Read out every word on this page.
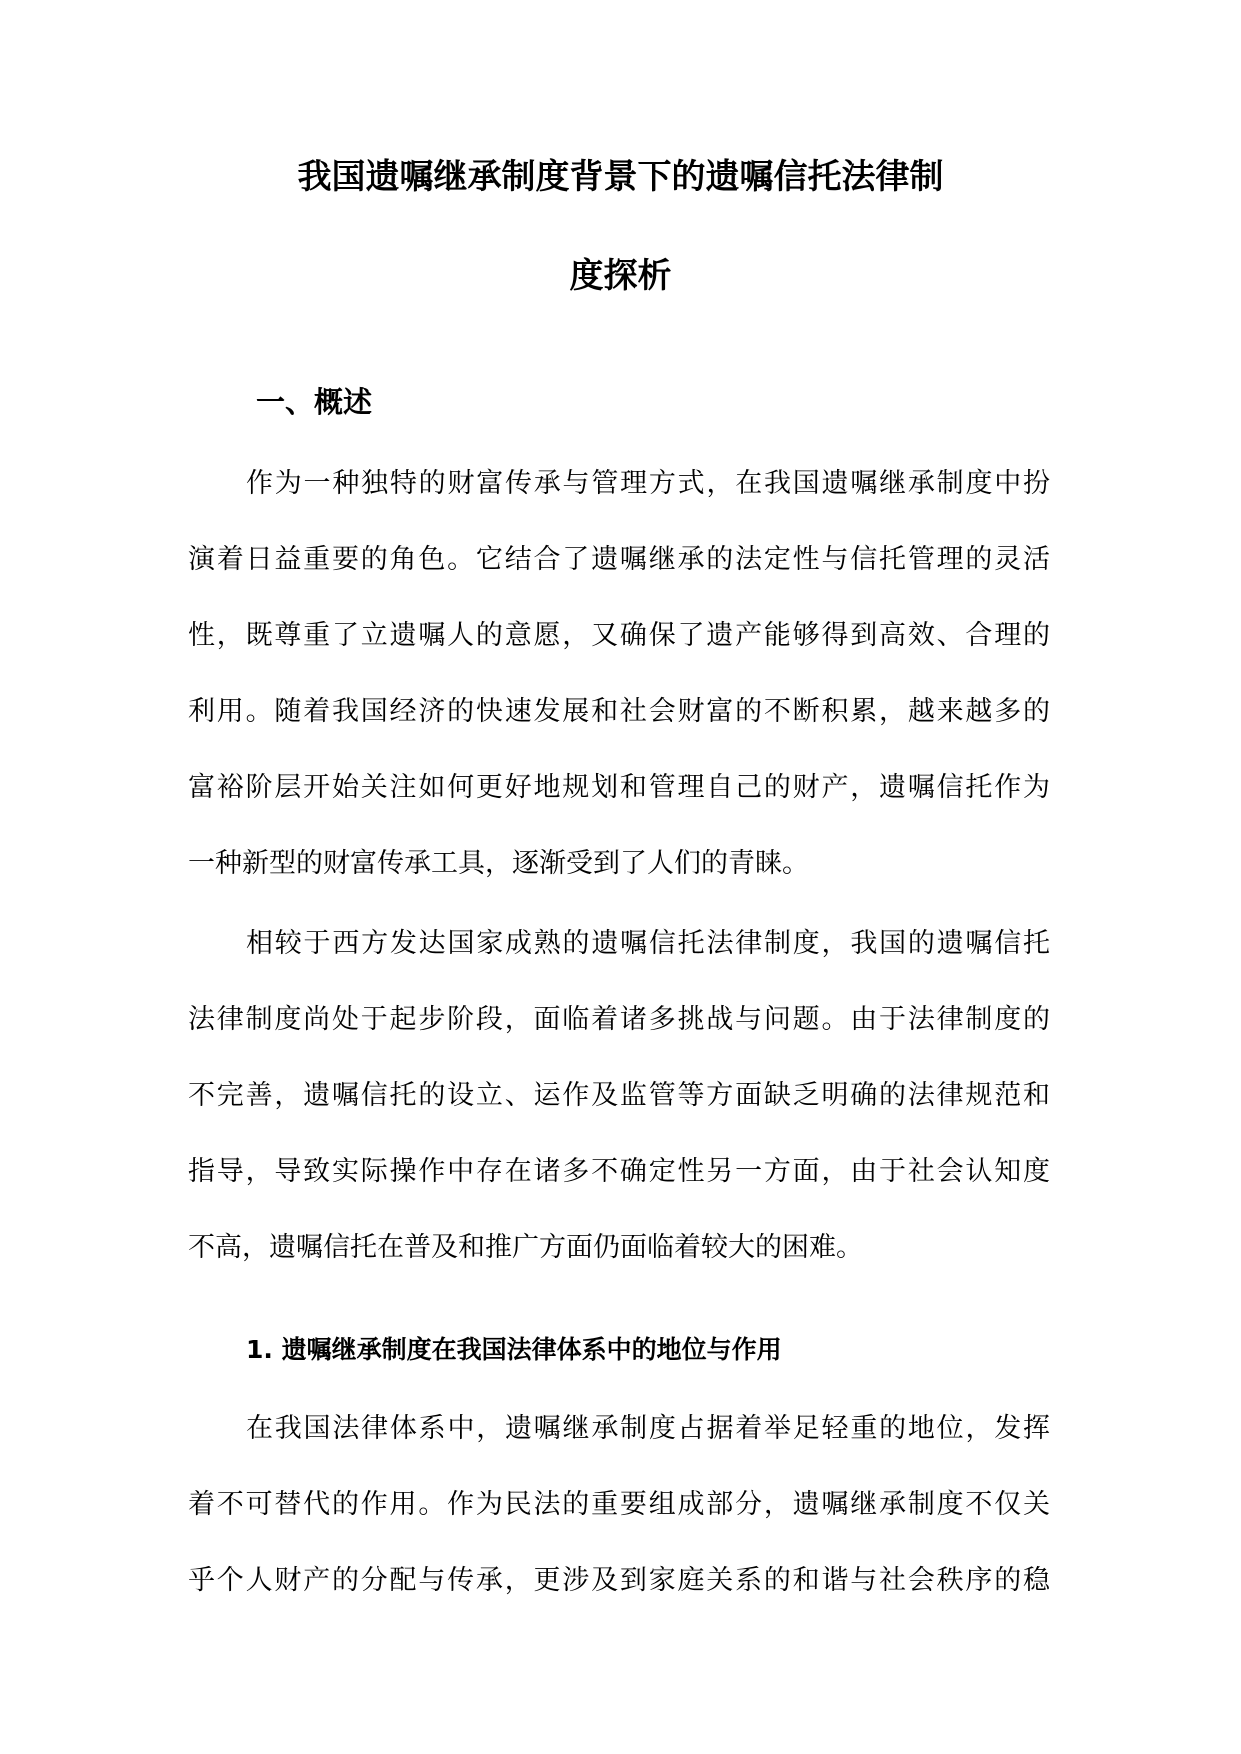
我国遗嘱继承制度背景下的遗嘱信托法律制
度探析
一、概述
作为一种独特的财富传承与管理方式，在我国遗嘱继承制度中扮
演着日益重要的角色。它结合了遗嘱继承的法定性与信托管理的灵活
性，既尊重了立遗嘱人的意愿，又确保了遗产能够得到高效、合理的
利用。随着我国经济的快速发展和社会财富的不断积累，越来越多的
富裕阶层开始关注如何更好地规划和管理自己的财产，遗嘱信托作为
一种新型的财富传承工具，逐渐受到了人们的青睐。
相较于西方发达国家成熟的遗嘱信托法律制度，我国的遗嘱信托
法律制度尚处于起步阶段，面临着诸多挑战与问题。由于法律制度的
不完善，遗嘱信托的设立、运作及监管等方面缺乏明确的法律规范和
指导，导致实际操作中存在诸多不确定性另一方面，由于社会认知度
不高，遗嘱信托在普及和推广方面仍面临着较大的困难。
1. 遗嘱继承制度在我国法律体系中的地位与作用
在我国法律体系中，遗嘱继承制度占据着举足轻重的地位，发挥
着不可替代的作用。作为民法的重要组成部分，遗嘱继承制度不仅关
乎个人财产的分配与传承，更涉及到家庭关系的和谐与社会秩序的稳
